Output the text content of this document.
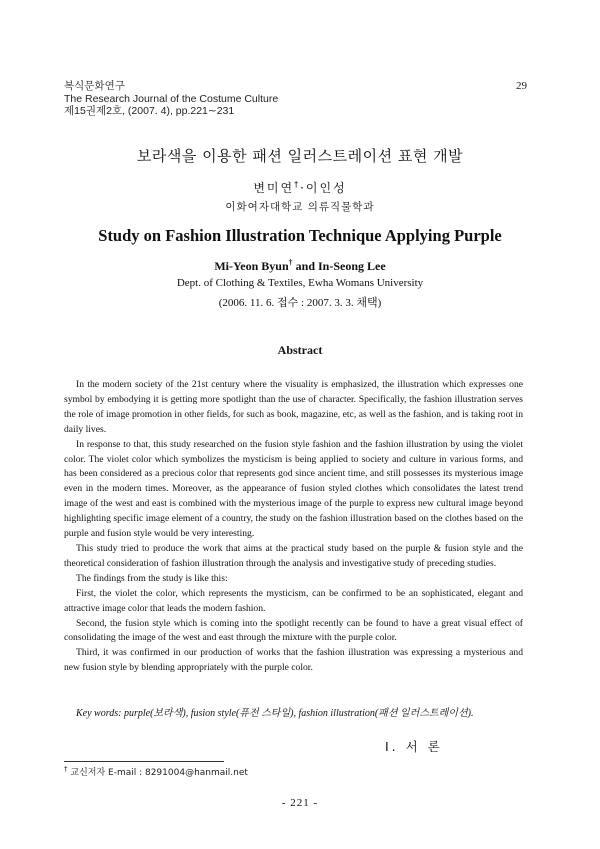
복식문화연구
The Research Journal of the Costume Culture
제15권제2호, (2007. 4), pp.221∼231
29
보라색을 이용한 패션 일러스트레이션 표현 개발
변미연†·이인성
이화여자대학교 의류직물학과
Study on Fashion Illustration Technique Applying Purple
Mi-Yeon Byun† and In-Seong Lee
Dept. of Clothing & Textiles, Ewha Womans University
(2006. 11. 6. 접수 : 2007. 3. 3. 채택)
Abstract

In the modern society of the 21st century where the visuality is emphasized, the illustration which expresses one symbol by embodying it is getting more spotlight than the use of character. Specifically, the fashion illustration serves the role of image promotion in other fields, for such as book, magazine, etc, as well as the fashion, and is taking root in daily lives.

In response to that, this study researched on the fusion style fashion and the fashion illustration by using the violet color. The violet color which symbolizes the mysticism is being applied to society and culture in various forms, and has been considered as a precious color that represents god since ancient time, and still possesses its mysterious image even in the modern times. Moreover, as the appearance of fusion styled clothes which consolidates the latest trend image of the west and east is combined with the mysterious image of the purple to express new cultural image beyond highlighting specific image element of a country, the study on the fashion illustration based on the clothes based on the purple and fusion style would be very interesting.

This study tried to produce the work that aims at the practical study based on the purple & fusion style and the theoretical consideration of fashion illustration through the analysis and investigative study of preceding studies.

The findings from the study is like this:

First, the violet the color, which represents the mysticism, can be confirmed to be an sophisticated, elegant and attractive image color that leads the modern fashion.

Second, the fusion style which is coming into the spotlight recently can be found to have a great visual effect of consolidating the image of the west and east through the mixture with the purple color.

Third, it was confirmed in our production of works that the fashion illustration was expressing a mysterious and new fusion style by blending appropriately with the purple color.

Key words: purple(보라색), fusion style(퓨전 스타일), fashion illustration(패션 일러스트레이션).
Ⅰ. 서 론
† 교신저자 E-mail : 8291004@hanmail.net
- 221 -
